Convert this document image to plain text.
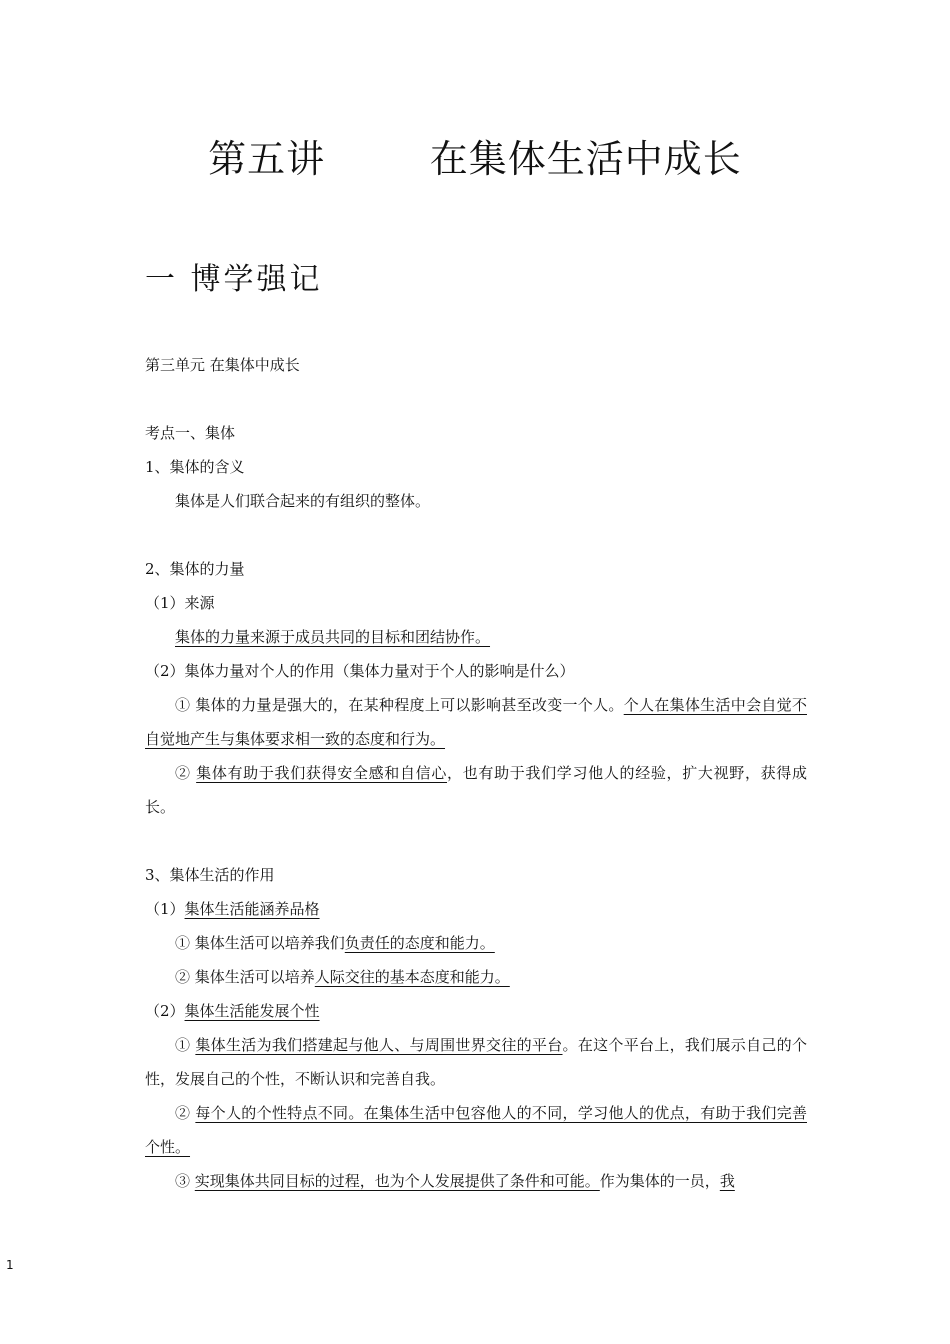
第五讲        在集体生活中成长
一 博学强记

第三单元 在集体中成长

考点一、集体

1、集体的含义

集体是人们联合起来的有组织的整体。

2、集体的力量

（1）来源

集体的力量来源于成员共同的目标和团结协作。

（2）集体力量对个人的作用（集体力量对于个人的影响是什么）

① 集体的力量是强大的，在某种程度上可以影响甚至改变一个人。个人在集体生活中会自觉不自觉地产生与集体要求相一致的态度和行为。

② 集体有助于我们获得安全感和自信心，也有助于我们学习他人的经验，扩大视野，获得成长。

3、集体生活的作用

（1）集体生活能涵养品格

① 集体生活可以培养我们负责任的态度和能力。

② 集体生活可以培养人际交往的基本态度和能力。

（2）集体生活能发展个性

① 集体生活为我们搭建起与他人、与周围世界交往的平台。在这个平台上，我们展示自己的个性，发展自己的个性，不断认识和完善自我。

② 每个人的个性特点不同。在集体生活中包容他人的不同，学习他人的优点，有助于我们完善个性。

③ 实现集体共同目标的过程，也为个人发展提供了条件和可能。作为集体的一员，我

1
